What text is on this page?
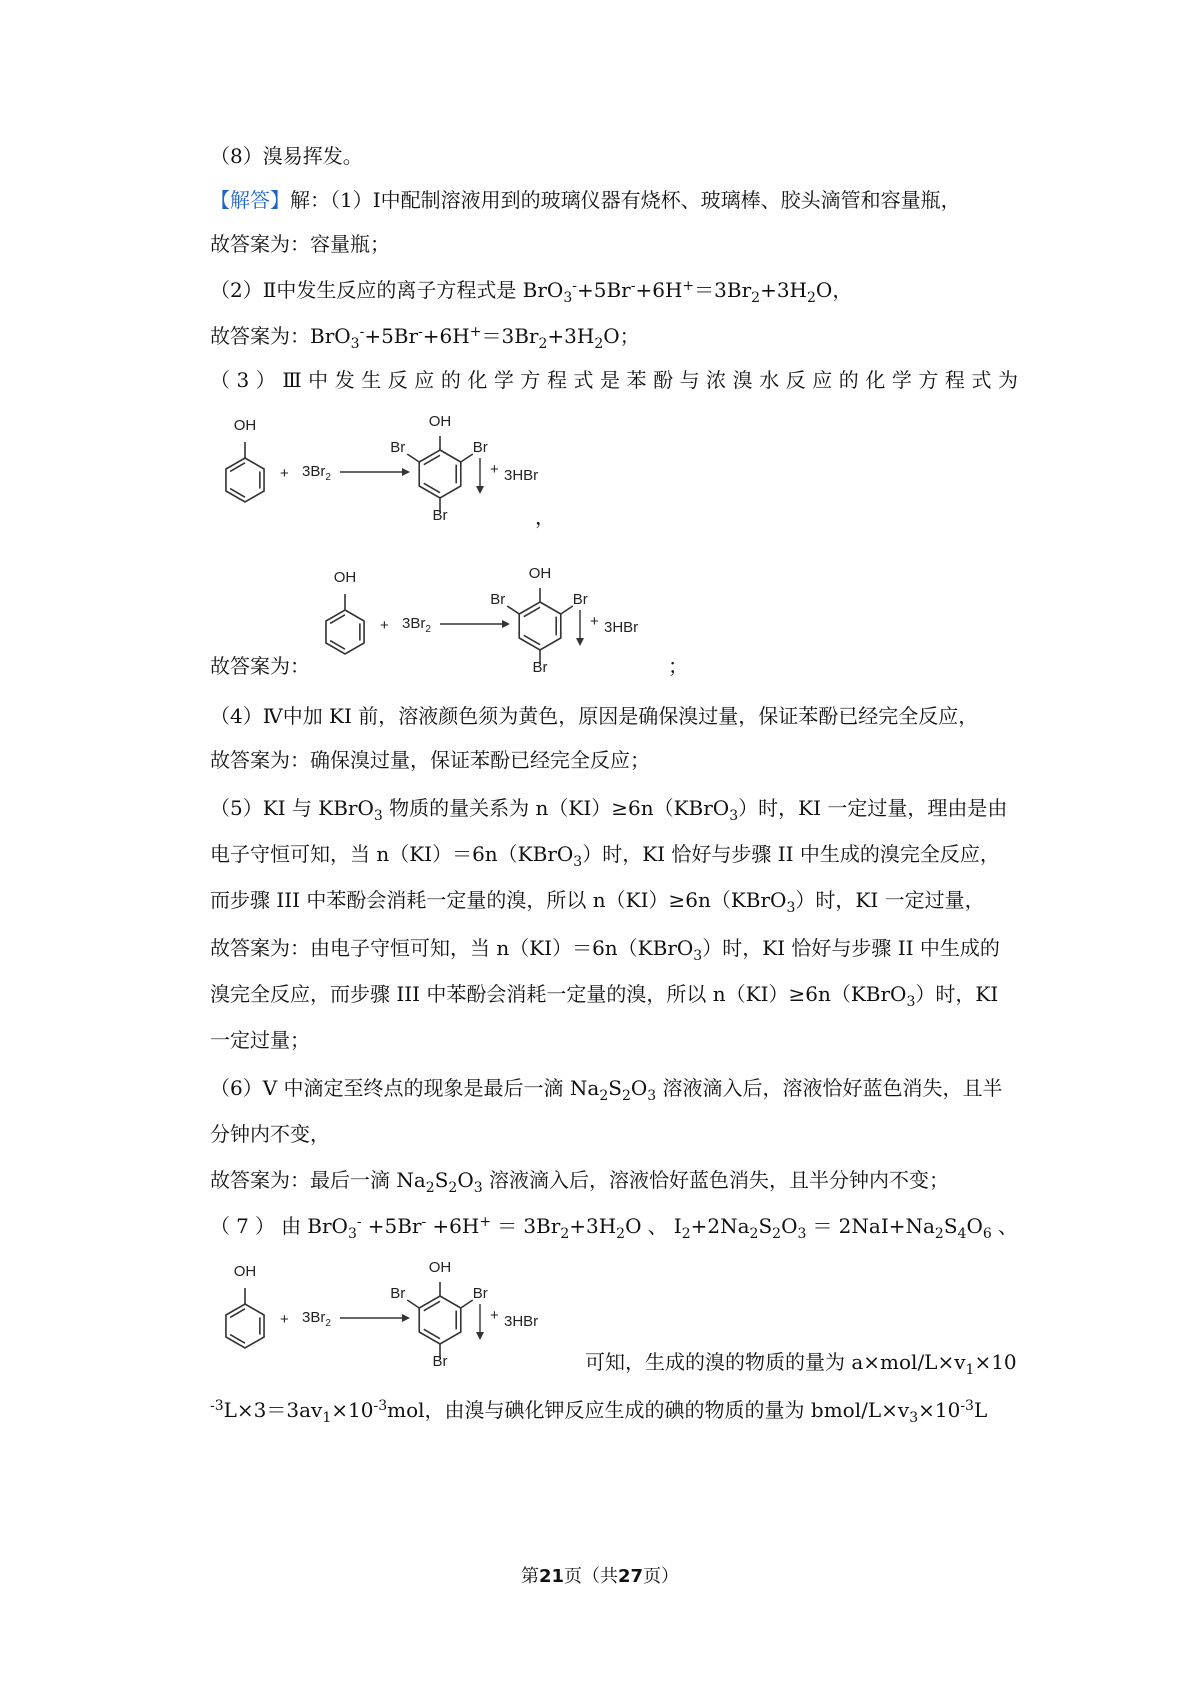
（8）溴易挥发。
【解答】解：（1）Ⅰ中配制溶液用到的玻璃仪器有烧杯、玻璃棒、胶头滴管和容量瓶，
故答案为：容量瓶；
（2）Ⅱ中发生反应的离子方程式是 $BrO_3^-+5Br^-+6H^+=3Br_2+3H_2O$，
故答案为：$BrO_3^-+5Br^-+6H^+=3Br_2+3H_2O$；
（ 3 ） Ⅲ 中 发 生 反 应 的 化 学 方 程 式 是 苯 酚 与 浓 溴 水 反 应 的 化 学 方 程 式 为
OH
+ $3Br_2$
OH
Br	Br
Br
+ 3HBr
，
OH
+ $3Br_2$
OH
Br	Br
Br
+ 3HBr
故答案为：	；
（4）Ⅳ中加 KI 前，溶液颜色须为黄色，原因是确保溴过量，保证苯酚已经完全反应，
故答案为：确保溴过量，保证苯酚已经完全反应；
（5）KI 与 KBrO$_3$ 物质的量关系为 n（KI）≥6n（KBrO$_3$）时，KI 一定过量，理由是由
电子守恒可知，当 n（KI）＝6n（KBrO$_3$）时，KI 恰好与步骤 II 中生成的溴完全反应，
而步骤 III 中苯酚会消耗一定量的溴，所以 n（KI）≥6n（KBrO$_3$）时，KI 一定过量，
故答案为：由电子守恒可知，当 n（KI）＝6n（KBrO$_3$）时，KI 恰好与步骤 II 中生成的
溴完全反应，而步骤 III 中苯酚会消耗一定量的溴，所以 n（KI）≥6n（KBrO$_3$）时，KI
一定过量；
（6）V 中滴定至终点的现象是最后一滴 $Na_2S_2O_3$ 溶液滴入后，溶液恰好蓝色消失，且半
分钟内不变，
故答案为：最后一滴 $Na_2S_2O_3$ 溶液滴入后，溶液恰好蓝色消失，且半分钟内不变；
（ 7 ） 由 $BrO_3^- +5Br^- +6H^+ = 3Br_2+3H_2O$ 、 $I_2+2Na_2S_2O_3 = 2NaI+Na_2S_4O_6$ 、
OH
+ $3Br_2$
OH
Br	Br
Br
+ 3HBr
可知，生成的溴的物质的量为 $a\times mol/L\times v_1\times 10$
$^{-3}L\times 3=3av_1\times 10^{-3}mol$，由溴与碘化钾反应生成的碘的物质的量为 bmol/$L\times v_3\times 10^{-3}L$
第21页（共27页）
